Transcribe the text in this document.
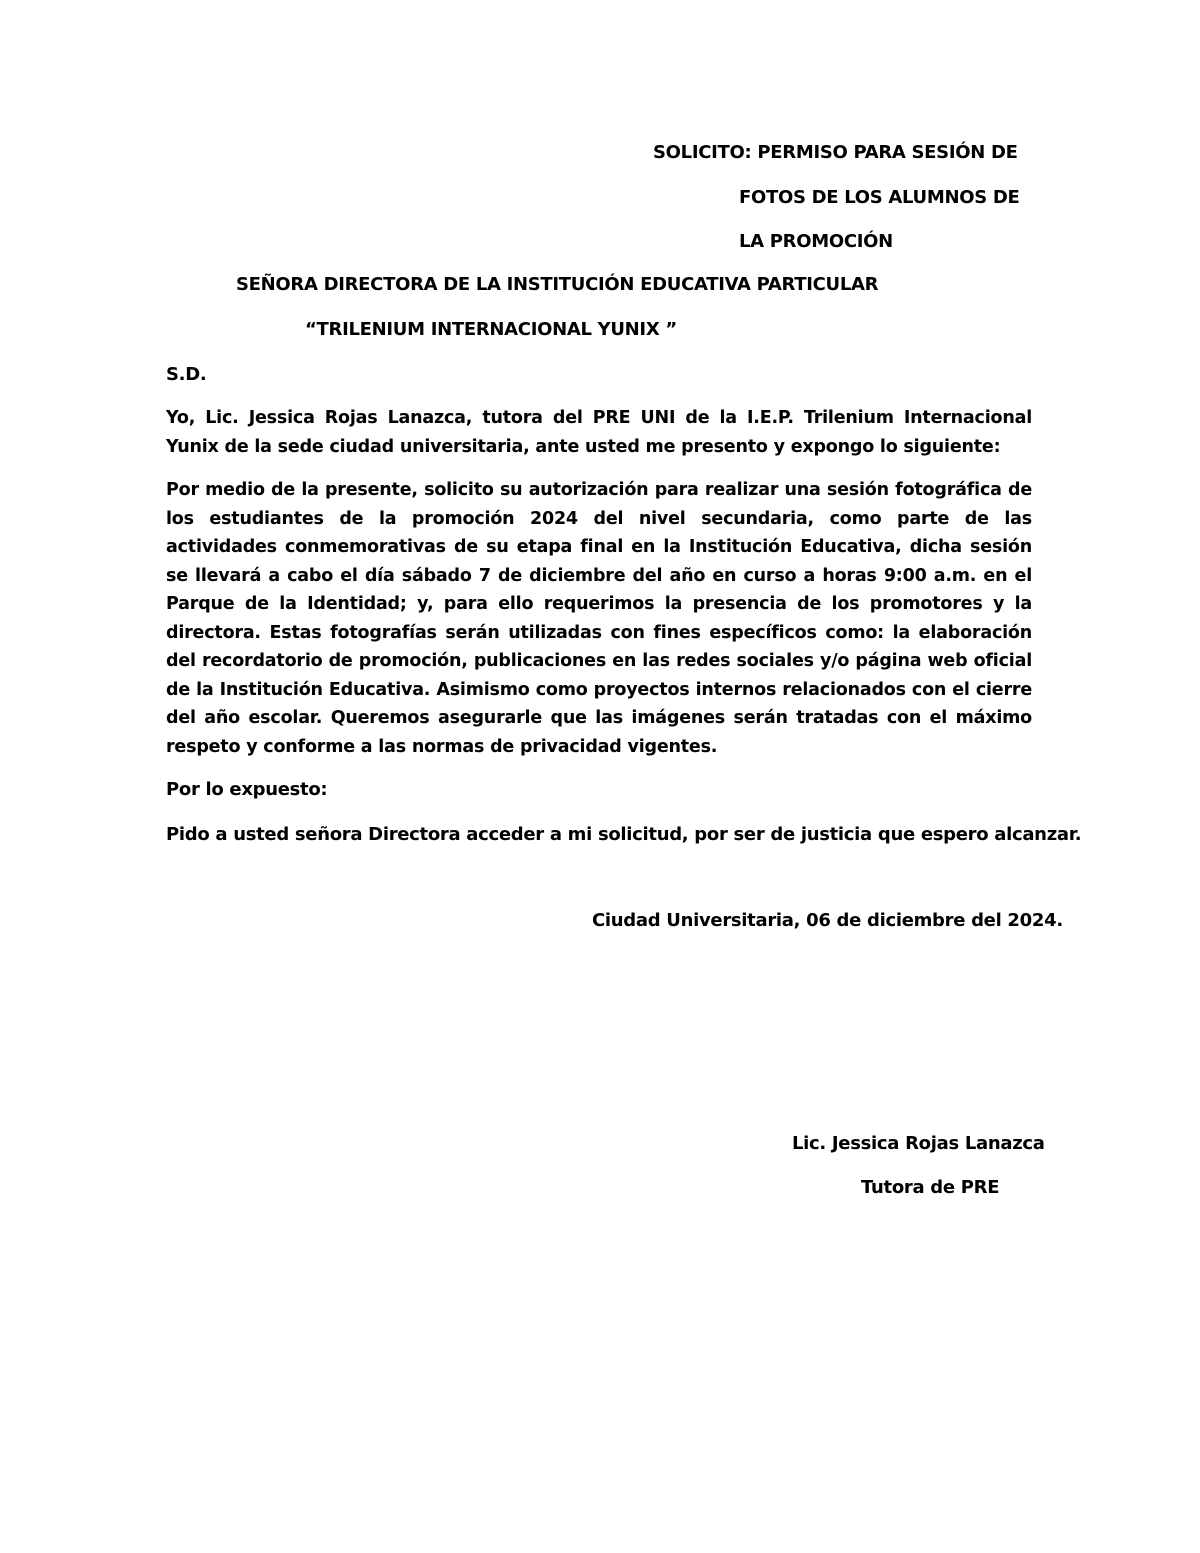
SOLICITO: PERMISO PARA SESIÓN DE
FOTOS DE LOS ALUMNOS DE
LA PROMOCIÓN
SEÑORA DIRECTORA DE LA INSTITUCIÓN EDUCATIVA PARTICULAR
“TRILENIUM INTERNACIONAL YUNIX ”
S.D.
Yo, Lic. Jessica Rojas Lanazca, tutora del PRE UNI de la I.E.P. Trilenium Internacional Yunix de la sede ciudad universitaria, ante usted me presento y expongo lo siguiente:
Por medio de la presente, solicito su autorización para realizar una sesión fotográfica de los estudiantes de la promoción 2024 del nivel secundaria, como parte de las actividades conmemorativas de su etapa final en la Institución Educativa, dicha sesión se llevará a cabo el día sábado 7 de diciembre del año en curso a horas 9:00 a.m. en el Parque de la Identidad; y, para ello requerimos la presencia de los promotores y la directora. Estas fotografías serán utilizadas con fines específicos como: la elaboración del recordatorio de promoción, publicaciones en las redes sociales y/o página web oficial de la Institución Educativa. Asimismo como proyectos internos relacionados con el cierre del año escolar. Queremos asegurarle que las imágenes serán tratadas con el máximo respeto y conforme a las normas de privacidad vigentes.
Por lo expuesto:
Pido a usted señora Directora acceder a mi solicitud, por ser de justicia que espero alcanzar.
Ciudad Universitaria, 06 de diciembre del 2024.
Lic. Jessica Rojas Lanazca
Tutora de PRE
